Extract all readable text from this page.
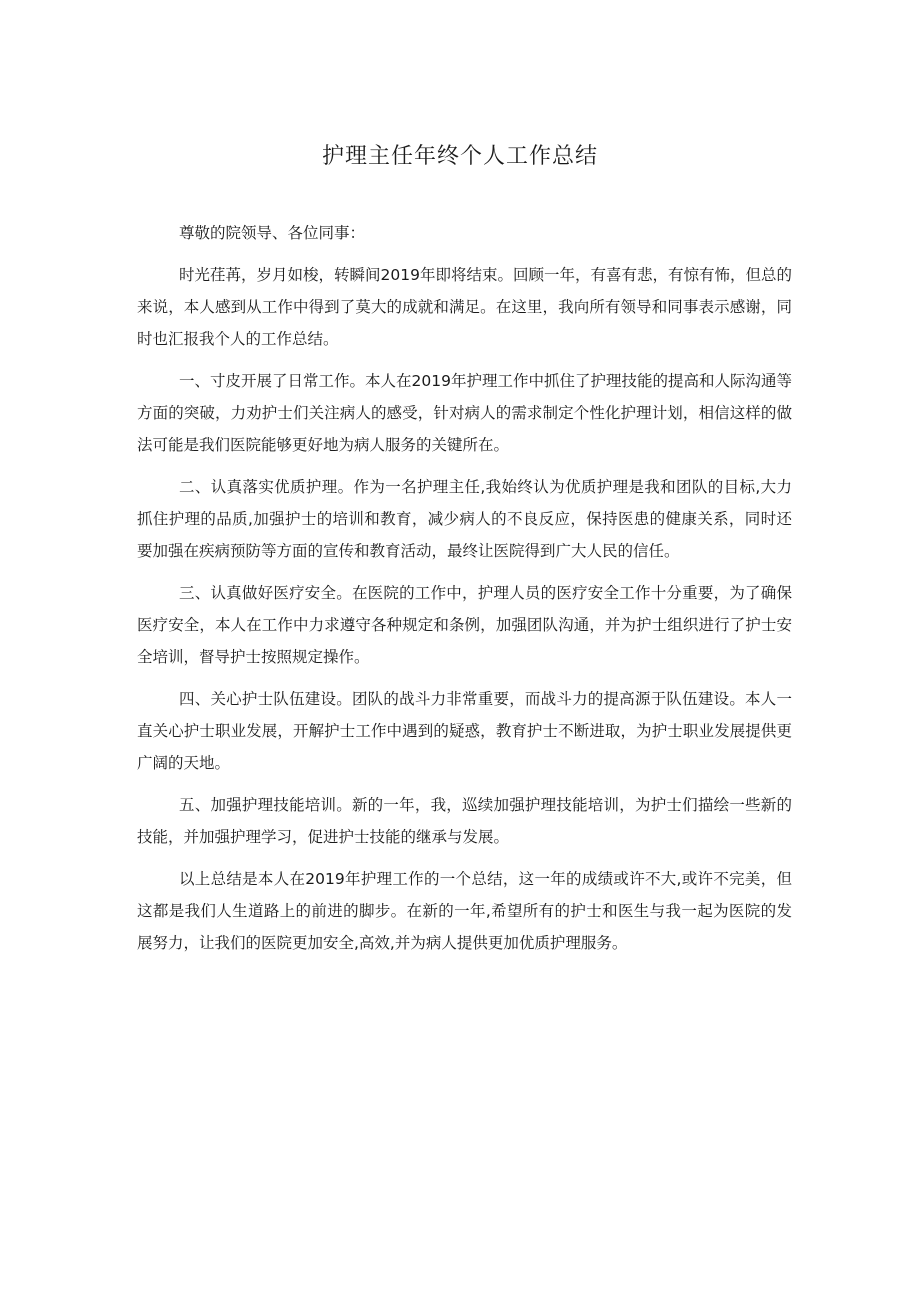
护理主任年终个人工作总结

尊敬的院领导、各位同事：

时光荏苒，岁月如梭，转瞬间2019年即将结束。回顾一年，有喜有悲，有惊有怖，但总的来说，本人感到从工作中得到了莫大的成就和满足。在这里，我向所有领导和同事表示感谢，同时也汇报我个人的工作总结。

一、寸皮开展了日常工作。本人在2019年护理工作中抓住了护理技能的提高和人际沟通等方面的突破，力劝护士们关注病人的感受，针对病人的需求制定个性化护理计划，相信这样的做法可能是我们医院能够更好地为病人服务的关键所在。

二、认真落实优质护理。作为一名护理主任,我始终认为优质护理是我和团队的目标,大力抓住护理的品质,加强护士的培训和教育，减少病人的不良反应，保持医患的健康关系，同时还要加强在疾病预防等方面的宣传和教育活动，最终让医院得到广大人民的信任。

三、认真做好医疗安全。在医院的工作中，护理人员的医疗安全工作十分重要，为了确保医疗安全，本人在工作中力求遵守各种规定和条例，加强团队沟通，并为护士组织进行了护士安全培训，督导护士按照规定操作。

四、关心护士队伍建设。团队的战斗力非常重要，而战斗力的提高源于队伍建设。本人一直关心护士职业发展，开解护士工作中遇到的疑惑，教育护士不断进取，为护士职业发展提供更广阔的天地。

五、加强护理技能培训。新的一年，我，巡续加强护理技能培训，为护士们描绘一些新的技能，并加强护理学习，促进护士技能的继承与发展。

以上总结是本人在2019年护理工作的一个总结，这一年的成绩或许不大,或许不完美，但这都是我们人生道路上的前进的脚步。在新的一年,希望所有的护士和医生与我一起为医院的发展努力，让我们的医院更加安全,高效,并为病人提供更加优质护理服务。
